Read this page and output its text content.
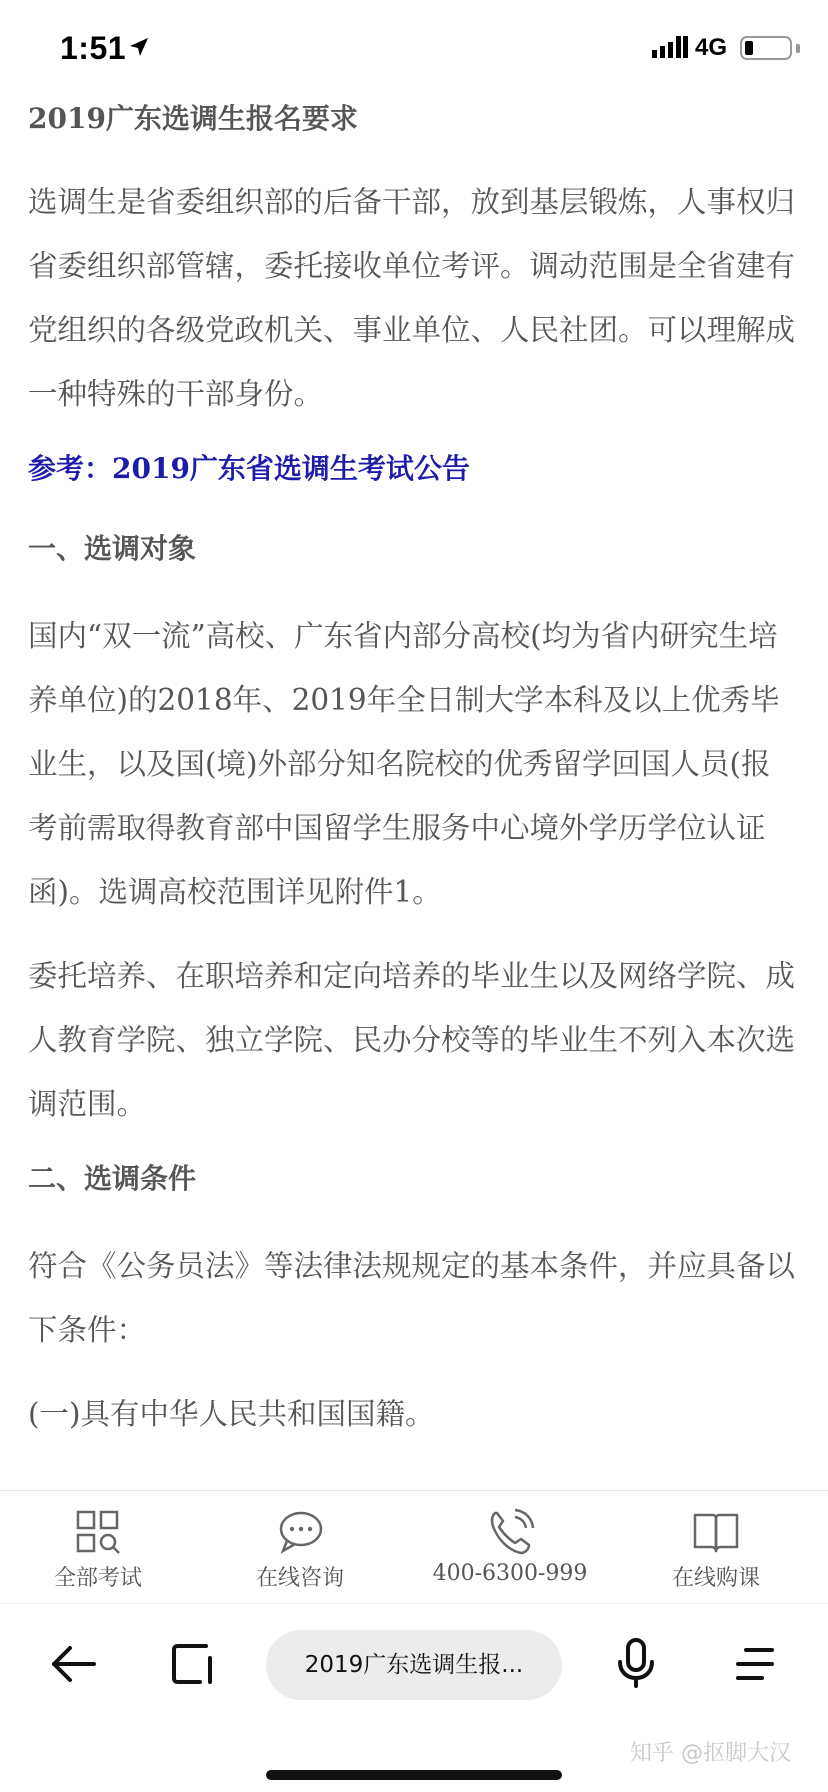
1:51	4G
2019广东选调生报名要求

选调生是省委组织部的后备干部，放到基层锻炼，人事权归省委组织部管辖，委托接收单位考评。调动范围是全省建有党组织的各级党政机关、事业单位、人民社团。可以理解成一种特殊的干部身份。

参考：2019广东省选调生考试公告
一、选调对象

国内“双一流”高校、广东省内部分高校(均为省内研究生培养单位)的2018年、2019年全日制大学本科及以上优秀毕业生，以及国(境)外部分知名院校的优秀留学回国人员(报考前需取得教育部中国留学生服务中心境外学历学位认证函)。选调高校范围详见附件1。

委托培养、在职培养和定向培养的毕业生以及网络学院、成人教育学院、独立学院、民办分校等的毕业生不列入本次选调范围。

二、选调条件

符合《公务员法》等法律法规规定的基本条件，并应具备以下条件：

(一)具有中华人民共和国国籍。

全部考试	在线咨询	400-6300-999	在线购课
2019广东选调生报...
知乎 @抠脚大汉
